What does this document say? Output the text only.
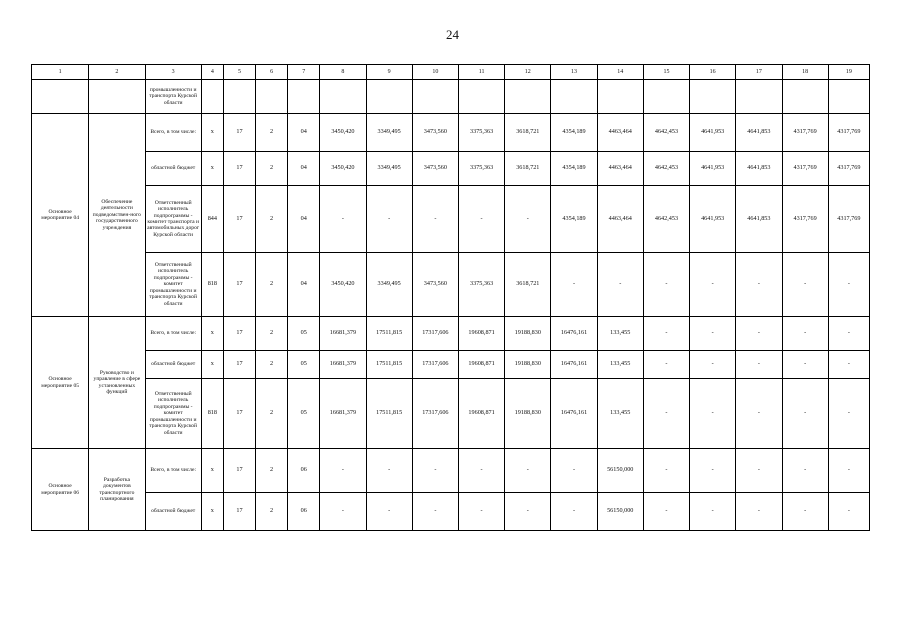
24
1	2	3	4	5	6	7	8	9	10	11	12	13	14	15	16	17	18	19
		промышленности и транспорта Курской области																
Основное мероприятие 04	Обеспечение деятельности подведомствен-ного государственного учреждения	Всего, в том числе:	х	17	2	04	3450,420	3349,495	3473,560	3375,363	3618,721	4354,189	4463,464	4642,453	4641,953	4641,853	4317,769	4317,769
		областной бюджет	х	17	2	04	3450,420	3349,495	3473,560	3375,363	3618,721	4354,189	4463,464	4642,453	4641,953	4641,853	4317,769	4317,769
		Ответственный исполнитель подпрограммы - комитет транспорта и автомобильных дорог Курской области	844	17	2	04	-	-	-	-	-	4354,189	4463,464	4642,453	4641,953	4641,853	4317,769	4317,769
		Ответственный исполнитель подпрограммы - комитет промышленности и транспорта Курской области	818	17	2	04	3450,420	3349,495	3473,560	3375,363	3618,721	-	-	-	-	-	-	-
Основное мероприятие 05	Руководство и управление в сфере установленных функций	Всего, в том числе:	х	17	2	05	16681,379	17511,815	17317,606	19608,871	19188,830	16476,161	133,455	-	-	-	-	-
		областной бюджет	х	17	2	05	16681,379	17511,815	17317,606	19608,871	19188,830	16476,161	133,455	-	-	-	-	-
		Ответственный исполнитель подпрограммы - комитет промышленности и транспорта Курской области	818	17	2	05	16681,379	17511,815	17317,606	19608,871	19188,830	16476,161	133,455	-	-	-	-	-
Основное мероприятие 06	Разработка документов транспортного планирования	Всего, в том числе:	х	17	2	06	-	-	-	-	-	-	56150,000	-	-	-	-	-
		областной бюджет	х	17	2	06	-	-	-	-	-	-	56150,000	-	-	-	-	-
